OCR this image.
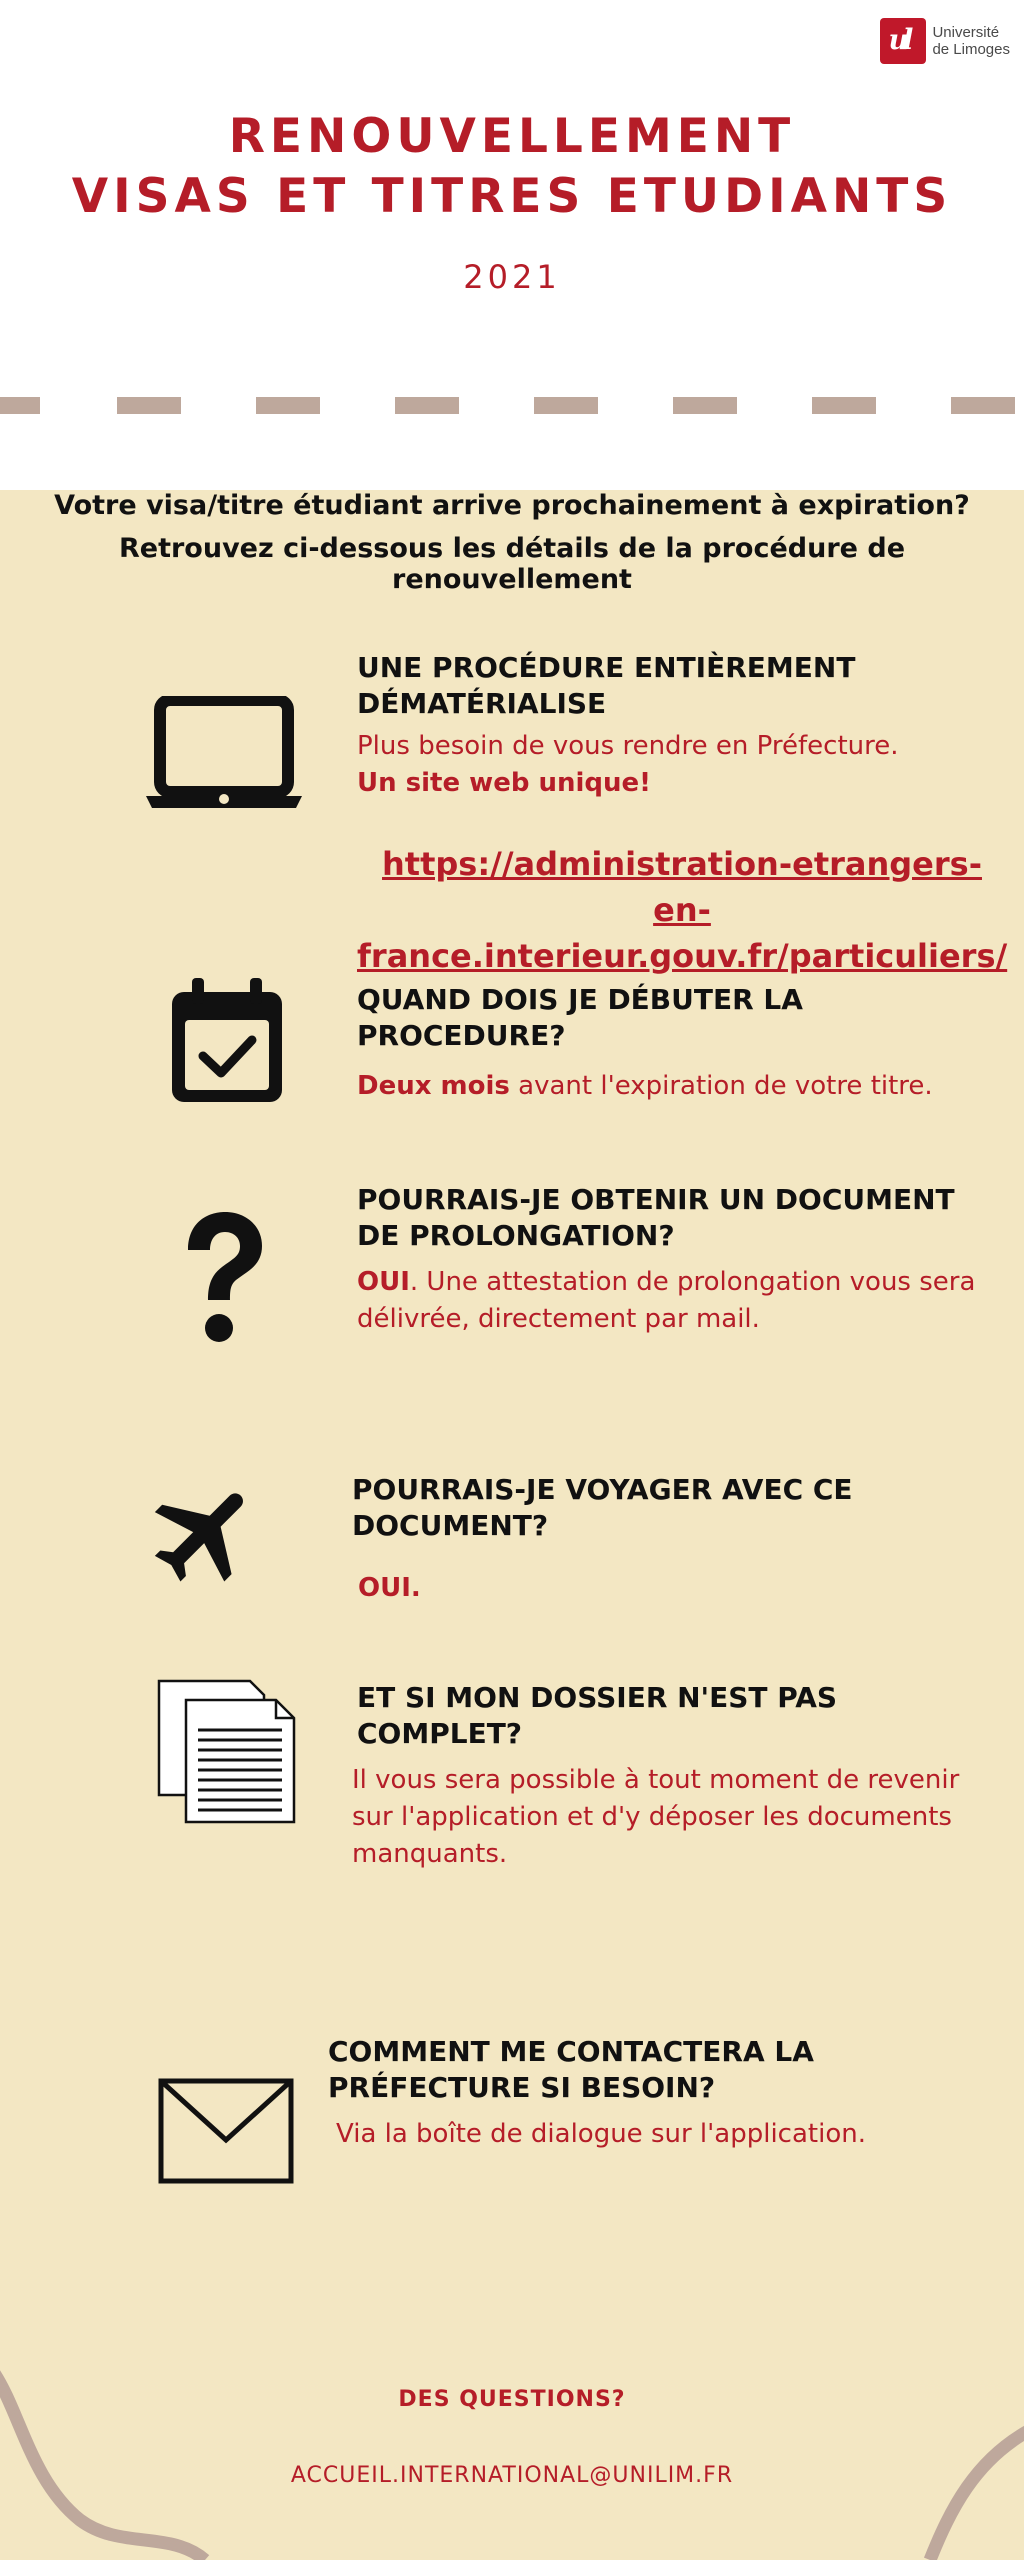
ul Université
de Limoges
RENOUVELLEMENT
VISAS ET TITRES ETUDIANTS
2021
Votre visa/titre étudiant arrive prochainement à expiration?
Retrouvez ci-dessous les détails de la procédure de renouvellement

UNE PROCÉDURE ENTIÈREMENT DÉMATÉRIALISE

Plus besoin de vous rendre en Préfecture.

Un site web unique!

https://administration-etrangers-en-
france.interieur.gouv.fr/particuliers/

QUAND DOIS JE DÉBUTER LA PROCEDURE?

Deux mois avant l'expiration de votre titre.

POURRAIS-JE OBTENIR UN DOCUMENT DE PROLONGATION?

OUI. Une attestation de prolongation vous sera délivrée, directement par mail.

POURRAIS-JE VOYAGER AVEC CE DOCUMENT?

OUI.

ET SI MON DOSSIER N'EST PAS COMPLET?

Il vous sera possible à tout moment de revenir sur l'application et d'y déposer les documents manquants.

COMMENT ME CONTACTERA LA PRÉFECTURE SI BESOIN?

Via la boîte de dialogue sur l'application.

DES QUESTIONS?
ACCUEIL.INTERNATIONAL@UNILIM.FR
